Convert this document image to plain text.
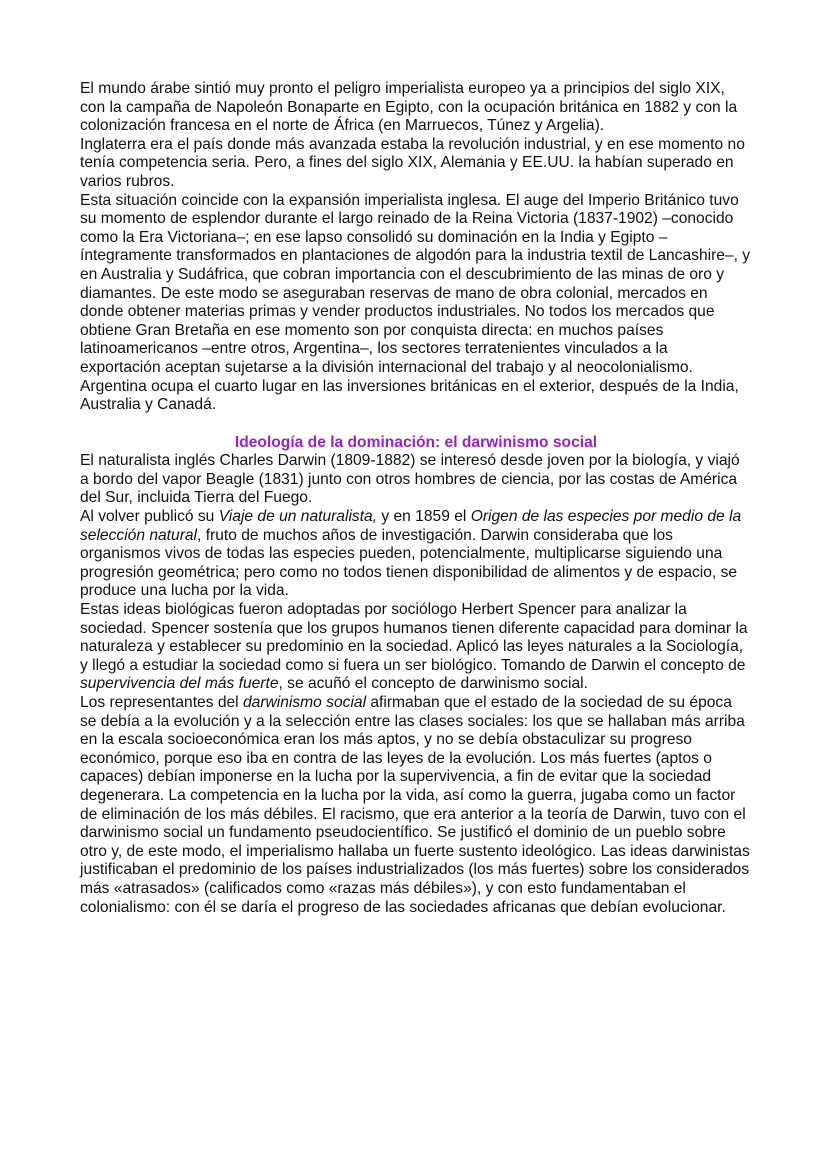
El mundo árabe sintió muy pronto el peligro imperialista europeo ya a principios del siglo XIX, con la campaña de Napoleón Bonaparte en Egipto, con la ocupación británica en 1882 y con la colonización francesa en el norte de África (en Marruecos, Túnez y Argelia).

Inglaterra era el país donde más avanzada estaba la revolución industrial, y en ese momento no tenía competencia seria. Pero, a fines del siglo XIX, Alemania y EE.UU. la habían superado en varios rubros.

Esta situación coincide con la expansión imperialista inglesa. El auge del Imperio Británico tuvo su momento de esplendor durante el largo reinado de la Reina Victoria (1837-1902) –conocido como la Era Victoriana–; en ese lapso consolidó su dominación en la India y Egipto –íntegramente transformados en plantaciones de algodón para la industria textil de Lancashire–, y en Australia y Sudáfrica, que cobran importancia con el descubrimiento de las minas de oro y diamantes. De este modo se aseguraban reservas de mano de obra colonial, mercados en donde obtener materias primas y vender productos industriales. No todos los mercados que obtiene Gran Bretaña en ese momento son por conquista directa: en muchos países latinoamericanos –entre otros, Argentina–, los sectores terratenientes vinculados a la exportación aceptan sujetarse a la división internacional del trabajo y al neocolonialismo. Argentina ocupa el cuarto lugar en las inversiones británicas en el exterior, después de la India, Australia y Canadá.

Ideología de la dominación: el darwinismo social

El naturalista inglés Charles Darwin (1809-1882) se interesó desde joven por la biología, y viajó a bordo del vapor Beagle (1831) junto con otros hombres de ciencia, por las costas de América del Sur, incluida Tierra del Fuego.

Al volver publicó su Viaje de un naturalista, y en 1859 el Origen de las especies por medio de la selección natural, fruto de muchos años de investigación. Darwin consideraba que los organismos vivos de todas las especies pueden, potencialmente, multiplicarse siguiendo una progresión geométrica; pero como no todos tienen disponibilidad de alimentos y de espacio, se produce una lucha por la vida.

Estas ideas biológicas fueron adoptadas por sociólogo Herbert Spencer para analizar la sociedad. Spencer sostenía que los grupos humanos tienen diferente capacidad para dominar la naturaleza y establecer su predominio en la sociedad. Aplicó las leyes naturales a la Sociología, y llegó a estudiar la sociedad como si fuera un ser biológico. Tomando de Darwin el concepto de supervivencia del más fuerte, se acuñó el concepto de darwinismo social.

Los representantes del darwinismo social afirmaban que el estado de la sociedad de su época se debía a la evolución y a la selección entre las clases sociales: los que se hallaban más arriba en la escala socioeconómica eran los más aptos, y no se debía obstaculizar su progreso económico, porque eso iba en contra de las leyes de la evolución. Los más fuertes (aptos o capaces) debían imponerse en la lucha por la supervivencia, a fin de evitar que la sociedad degenerara. La competencia en la lucha por la vida, así como la guerra, jugaba como un factor de eliminación de los más débiles. El racismo, que era anterior a la teoría de Darwin, tuvo con el darwinismo social un fundamento pseudocientífico. Se justificó el dominio de un pueblo sobre otro y, de este modo, el imperialismo hallaba un fuerte sustento ideológico. Las ideas darwinistas justificaban el predominio de los países industrializados (los más fuertes) sobre los considerados más «atrasados» (calificados como «razas más débiles»), y con esto fundamentaban el colonialismo: con él se daría el progreso de las sociedades africanas que debían evolucionar.
